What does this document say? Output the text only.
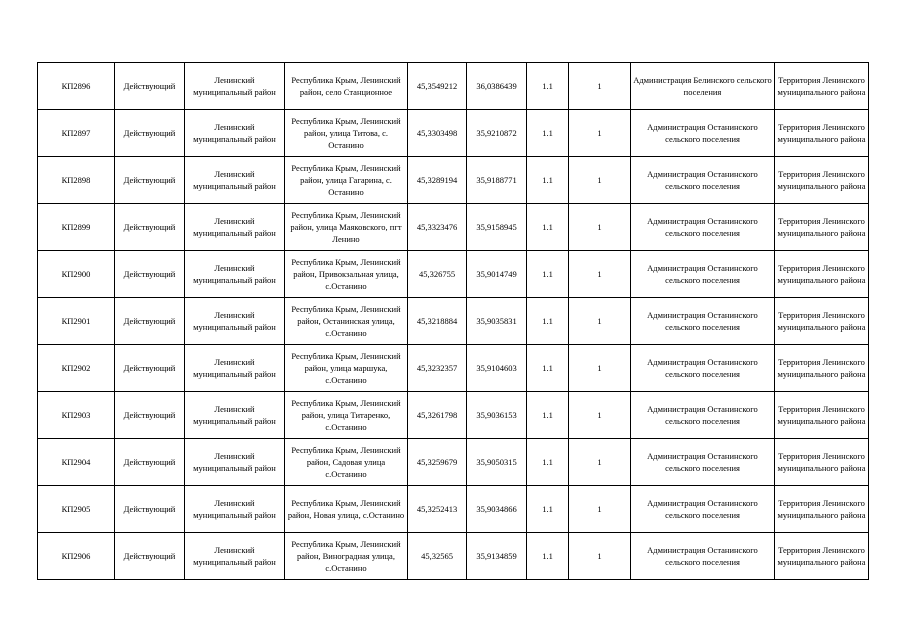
КП2896	Действующий	Ленинский муниципальный район	Республика Крым, Ленинский район, село Станционное	45,3549212	36,0386439	1.1	1	Администрация Белинского сельского поселения	Территория Ленинского муниципального района
КП2897	Действующий	Ленинский муниципальный район	Республика Крым, Ленинский район, улица Титова, с. Останино	45,3303498	35,9210872	1.1	1	Администрация Останинского сельского поселения	Территория Ленинского муниципального района
КП2898	Действующий	Ленинский муниципальный район	Республика Крым, Ленинский район, улица Гагарина, с. Останино	45,3289194	35,9188771	1.1	1	Администрация Останинского сельского поселения	Территория Ленинского муниципального района
КП2899	Действующий	Ленинский муниципальный район	Республика Крым, Ленинский район, улица Маяковского, пгт Ленино	45,3323476	35,9158945	1.1	1	Администрация Останинского сельского поселения	Территория Ленинского муниципального района
КП2900	Действующий	Ленинский муниципальный район	Республика Крым, Ленинский район, Привокзальная улица, с.Останино	45,326755	35,9014749	1.1	1	Администрация Останинского сельского поселения	Территория Ленинского муниципального района
КП2901	Действующий	Ленинский муниципальный район	Республика Крым, Ленинский район, Останинская улица, с.Останино	45,3218884	35,9035831	1.1	1	Администрация Останинского сельского поселения	Территория Ленинского муниципального района
КП2902	Действующий	Ленинский муниципальный район	Республика Крым, Ленинский район, улица маршука, с.Останино	45,3232357	35,9104603	1.1	1	Администрация Останинского сельского поселения	Территория Ленинского муниципального района
КП2903	Действующий	Ленинский муниципальный район	Республика Крым, Ленинский район, улица Титаренко, с.Останино	45,3261798	35,9036153	1.1	1	Администрация Останинского сельского поселения	Территория Ленинского муниципального района
КП2904	Действующий	Ленинский муниципальный район	Республика Крым, Ленинский район, Садовая улица с.Останино	45,3259679	35,9050315	1.1	1	Администрация Останинского сельского поселения	Территория Ленинского муниципального района
КП2905	Действующий	Ленинский муниципальный район	Республика Крым, Ленинский район, Новая улица, с.Останино	45,3252413	35,9034866	1.1	1	Администрация Останинского сельского поселения	Территория Ленинского муниципального района
КП2906	Действующий	Ленинский муниципальный район	Республика Крым, Ленинский район, Виноградная улица, с.Останино	45,32565	35,9134859	1.1	1	Администрация Останинского сельского поселения	Территория Ленинского муниципального района
